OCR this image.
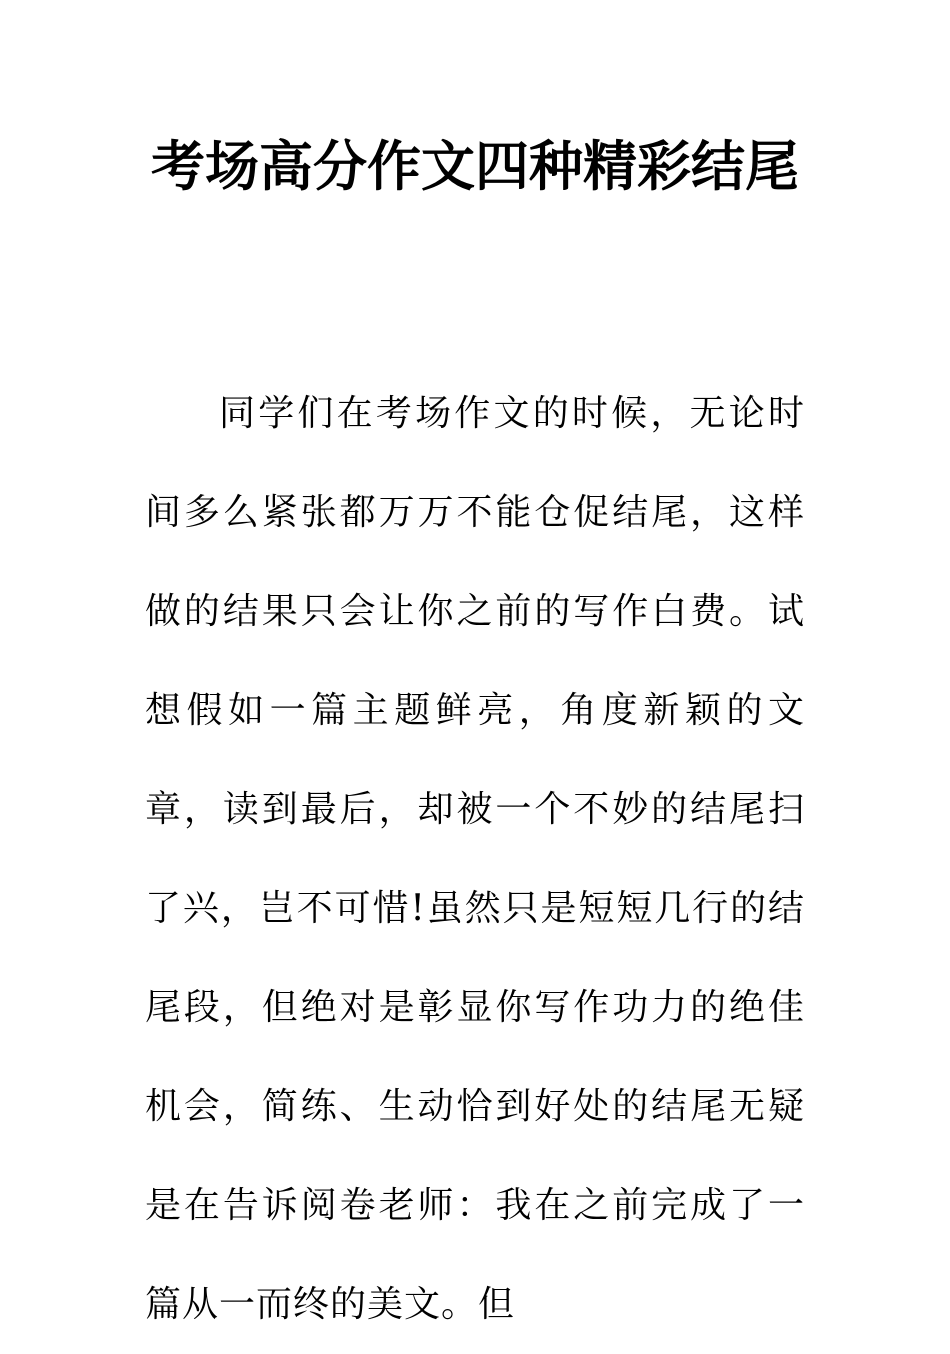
考场高分作文四种精彩结尾

同学们在考场作文的时候，无论时间多么紧张都万万不能仓促结尾，这样做的结果只会让你之前的写作白费。试想假如一篇主题鲜亮，角度新颖的文章，读到最后，却被一个不妙的结尾扫了兴，岂不可惜!虽然只是短短几行的结尾段，但绝对是彰显你写作功力的绝佳机会，简练、生动恰到好处的结尾无疑是在告诉阅卷老师：我在之前完成了一篇从一而终的美文。但
